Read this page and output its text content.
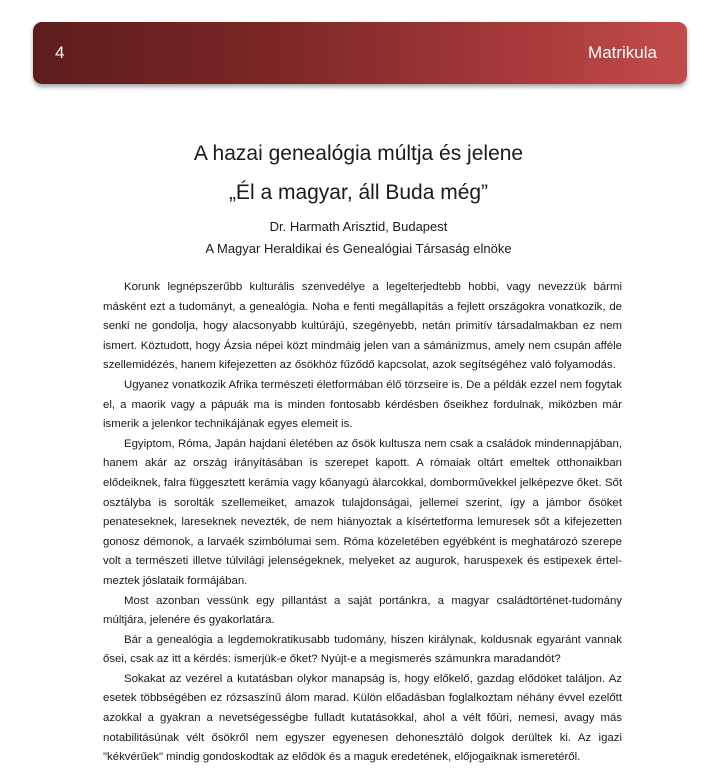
4	Matrikula
A hazai genealógia múltja és jelene
„Él a magyar, áll Buda még”
Dr. Harmath Arisztid, Budapest
A Magyar Heraldikai és Genealógiai Társaság elnöke

Korunk legnépszerűbb kulturális szenvedélye a legelterjedtebb hobbi, vagy nevezzük bármi másként ezt a tudományt, a genealógia. Noha e fenti megállapítás a fejlett országokra vonatkozik, de senki ne gondolja, hogy alacsonyabb kultúrájú, szegényebb, netán primitív társadalmakban ez nem ismert. Köztudott, hogy Ázsia népei közt mindmáig jelen van a sámánizmus, amely nem csupán afféle szellemidézés, hanem kifejezetten az ősökhöz fűződő kapcsolat, azok segítségéhez való folyamodás.

Ugyanez vonatkozik Afrika természeti életformában élő törzseire is. De a példák ezzel nem fogytak el, a maorik vagy a pápuák ma is minden fontosabb kérdésben őseikhez fordulnak, miközben már ismerik a jelenkor technikájának egyes elemeit is.

Egyiptom, Róma, Japán hajdani életében az ősök kultusza nem csak a családok mindennapjában, hanem akár az ország irányításában is szerepet kapott. A rómaiak oltárt emeltek otthonaikban elődeiknek, falra függesztett kerámia vagy kőanyagú álarcokkal, domborművekkel jelképezve őket. Sőt osztályba is sorolták szellemeiket, amazok tulajdonságai, jellemei szerint, így a jámbor ősöket penateseknek, lareseknek nevezték, de nem hiányoztak a kísértetforma lemuresek sőt a kifejezetten gonosz démonok, a larvaék szimbólumai sem. Róma közeletében egyébként is meghatározó szerepe volt a természeti illetve túlvilági jelenségeknek, melyeket az augurok, haruspexek és estipexek értelmeztek jóslataik formájában.

Most azonban vessünk egy pillantást a saját portánkra, a magyar családtörténet-tudomány múltjára, jelenére és gyakorlatára.

Bár a genealógia a legdemokratikusabb tudomány, hiszen királynak, koldusnak egyaránt vannak ősei, csak az itt a kérdés: ismerjük-e őket? Nyújt-e a megismerés számunkra maradandót?

Sokakat az vezérel a kutatásban olykor manapság is, hogy előkelő, gazdag elődöket találjon. Az esetek többségében ez rózsaszínű álom marad. Külön előadásban foglalkoztam néhány évvel ezelőtt azokkal a gyakran a nevetségességbe fulladt kutatásokkal, ahol a vélt főúri, nemesi, avagy más notabilitásúnak vélt ősökről nem egyszer egyenesen dehonesztáló dolgok derültek ki. Az igazi "kékvérűek" mindig gondoskodtak az elődök és a maguk eredetének, előjogaiknak ismeretéről.
